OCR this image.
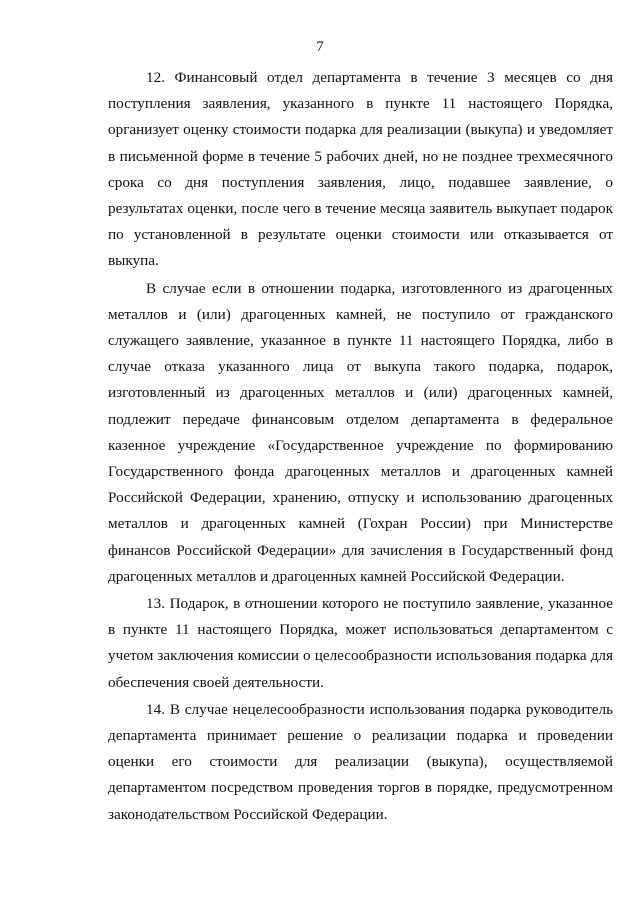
7

12. Финансовый отдел департамента в течение 3 месяцев со дня поступления заявления, указанного в пункте 11 настоящего Порядка, организует оценку стоимости подарка для реализации (выкупа) и уведомляет в письменной форме в течение 5 рабочих дней, но не позднее трехмесячного срока со дня поступления заявления, лицо, подавшее заявление, о результатах оценки, после чего в течение месяца заявитель выкупает подарок по установленной в результате оценки стоимости или отказывается от выкупа.

В случае если в отношении подарка, изготовленного из драгоценных металлов и (или) драгоценных камней, не поступило от гражданского служащего заявление, указанное в пункте 11 настоящего Порядка, либо в случае отказа указанного лица от выкупа такого подарка, подарок, изготовленный из драгоценных металлов и (или) драгоценных камней, подлежит передаче финансовым отделом департамента в федеральное казенное учреждение «Государственное учреждение по формированию Государственного фонда драгоценных металлов и драгоценных камней Российской Федерации, хранению, отпуску и использованию драгоценных металлов и драгоценных камней (Гохран России) при Министерстве финансов Российской Федерации» для зачисления в Государственный фонд драгоценных металлов и драгоценных камней Российской Федерации.

13. Подарок, в отношении которого не поступило заявление, указанное в пункте 11 настоящего Порядка, может использоваться департаментом с учетом заключения комиссии о целесообразности использования подарка для обеспечения своей деятельности.

14. В случае нецелесообразности использования подарка руководитель департамента принимает решение о реализации подарка и проведении оценки его стоимости для реализации (выкупа), осуществляемой департаментом посредством проведения торгов в порядке, предусмотренном законодательством Российской Федерации.
